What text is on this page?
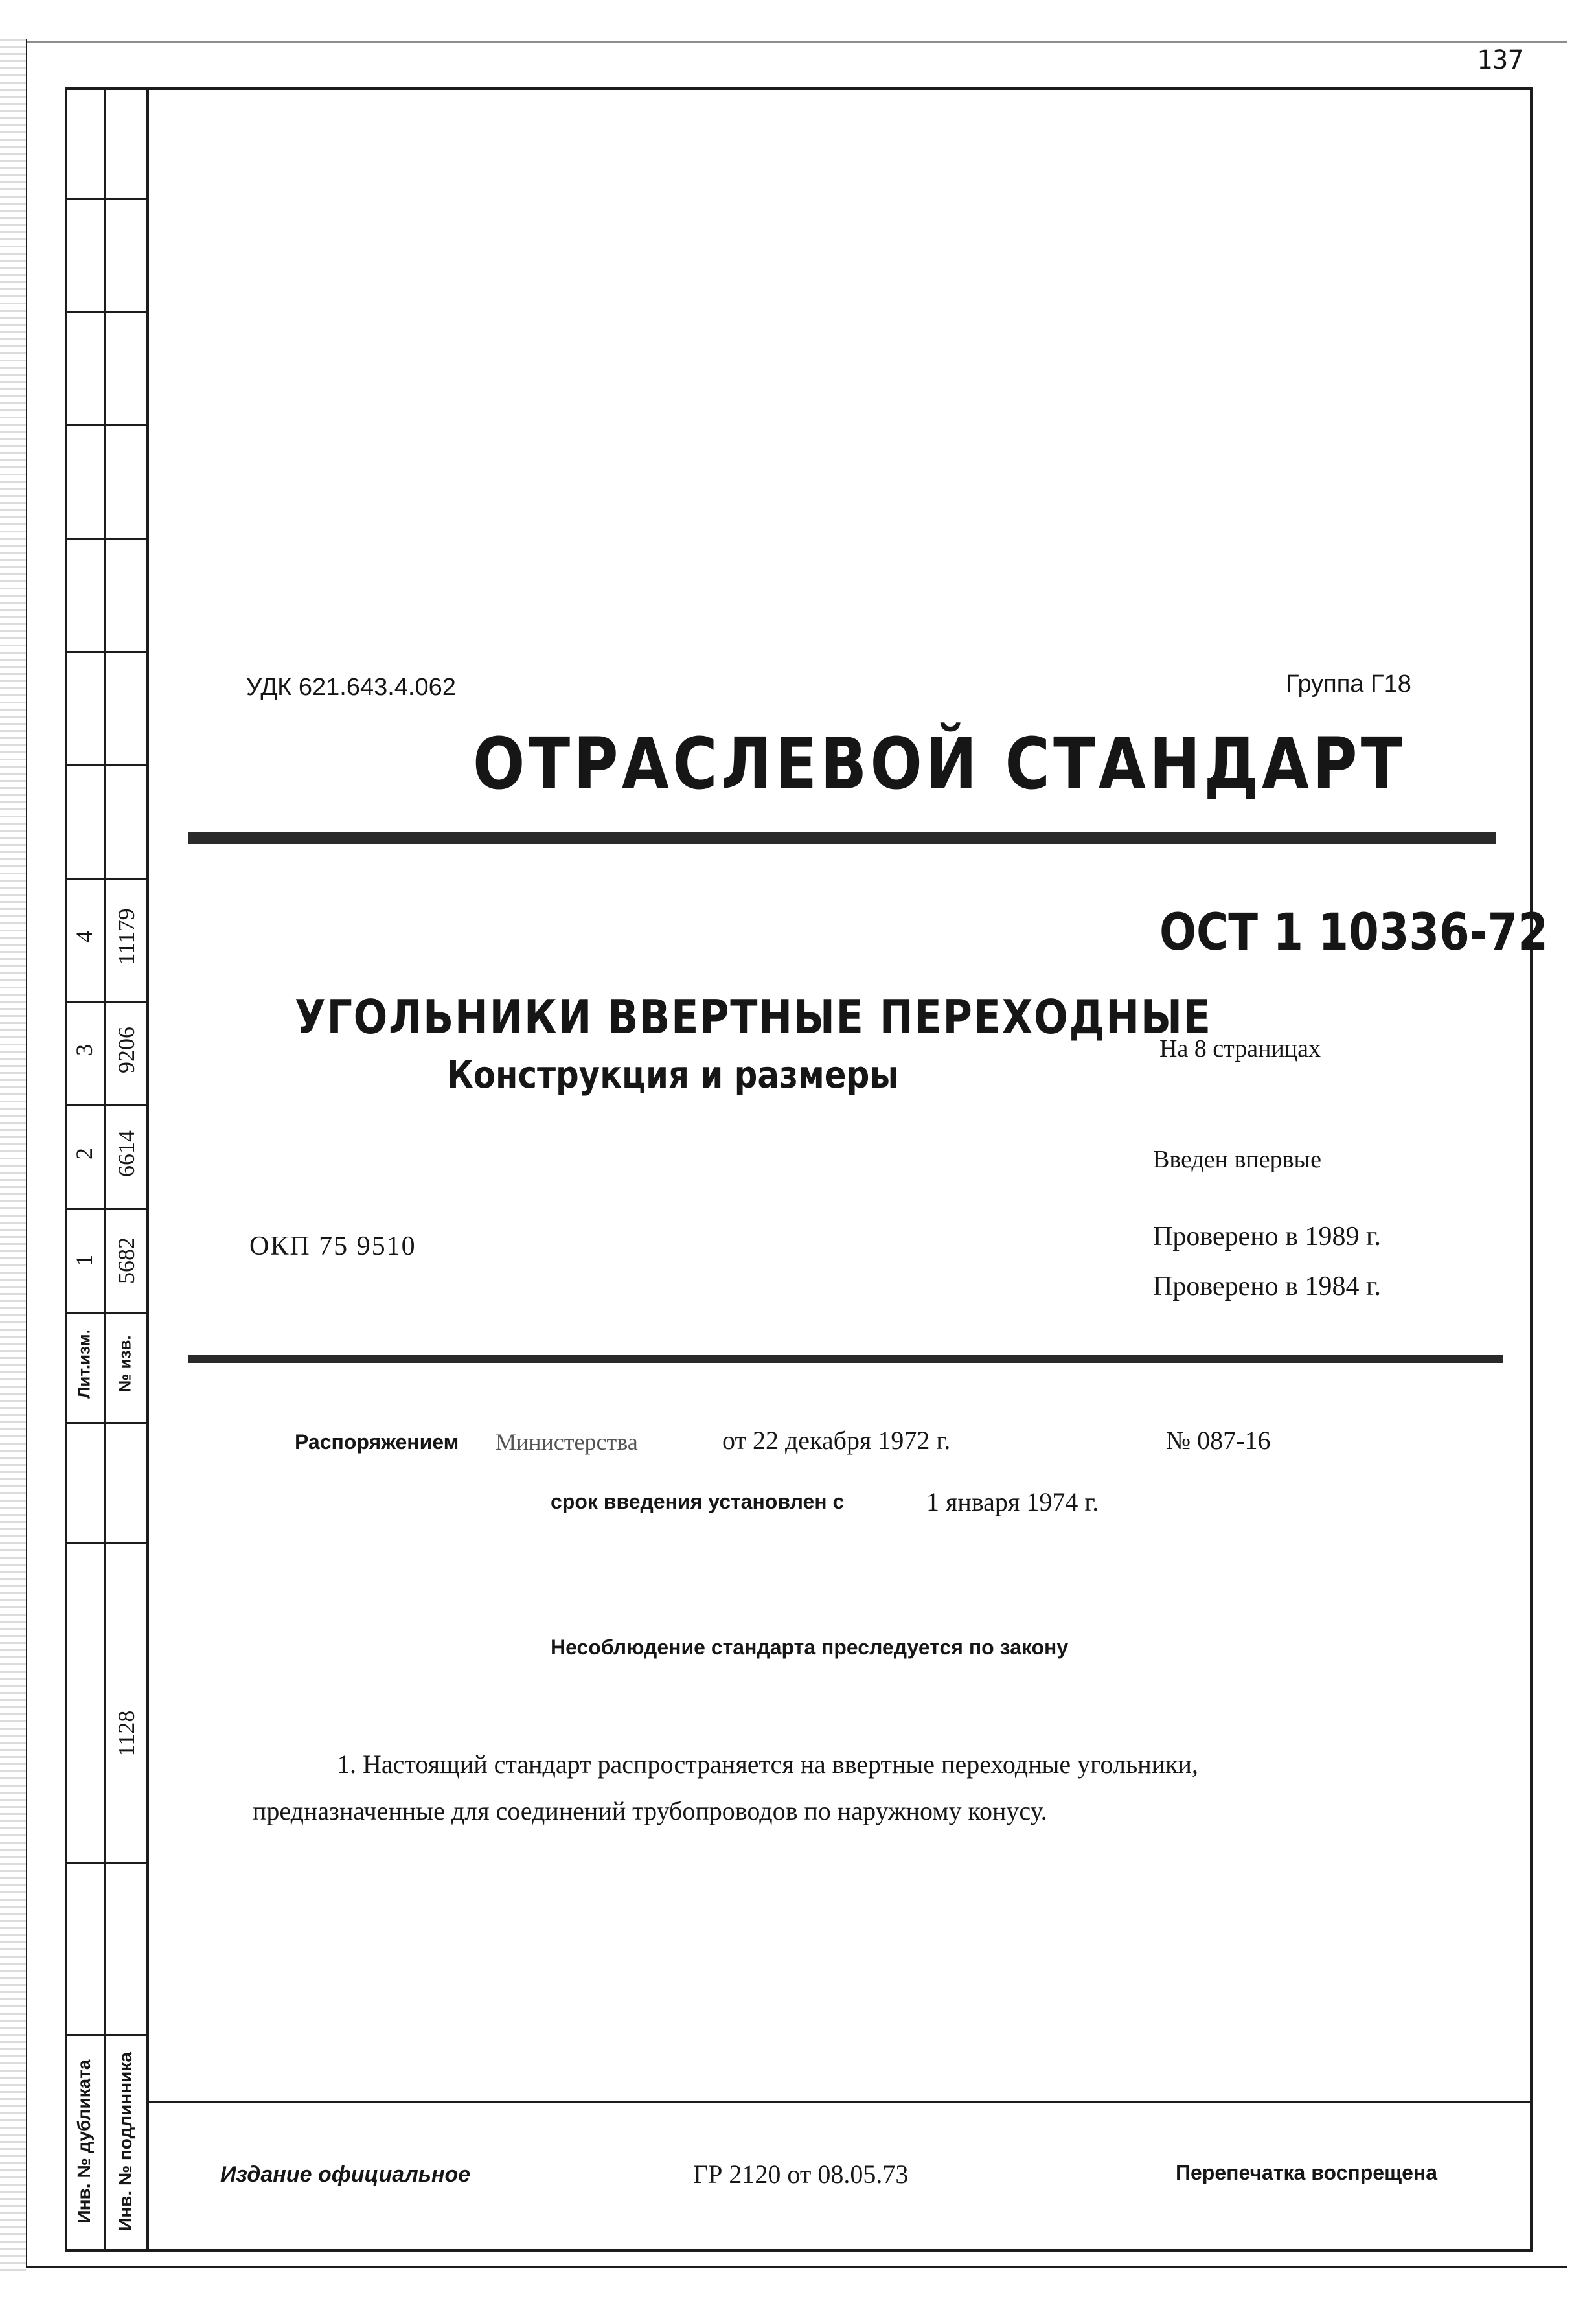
4 11179
3 9206
2 6614
1 5682
Лит.изм. № изв.
1128
Инв. № дубликата Инв. № подлинника
137
УДК 621.643.4.062	Группа Г18
ОТРАСЛЕВОЙ СТАНДАРТ
ОСТ 1 10336-72
УГОЛЬНИКИ ВВЕРТНЫЕ ПЕРЕХОДНЫЕ
Конструкция и размеры
На 8 страницах
Введен впервые
Проверено в 1989 г.
Проверено в 1984 г.
ОКП 75 9510
Распоряжением Министерства	от 22 декабря 1972 г.	№ 087-16
срок введения установлен с	1 января 1974 г.
Несоблюдение стандарта преследуется по закону
1. Настоящий стандарт распространяется на ввертные переходные угольники,
предназначенные для соединений трубопроводов по наружному конусу.
Издание официальное	ГР 2120 от 08.05.73	Перепечатка воспрещена
